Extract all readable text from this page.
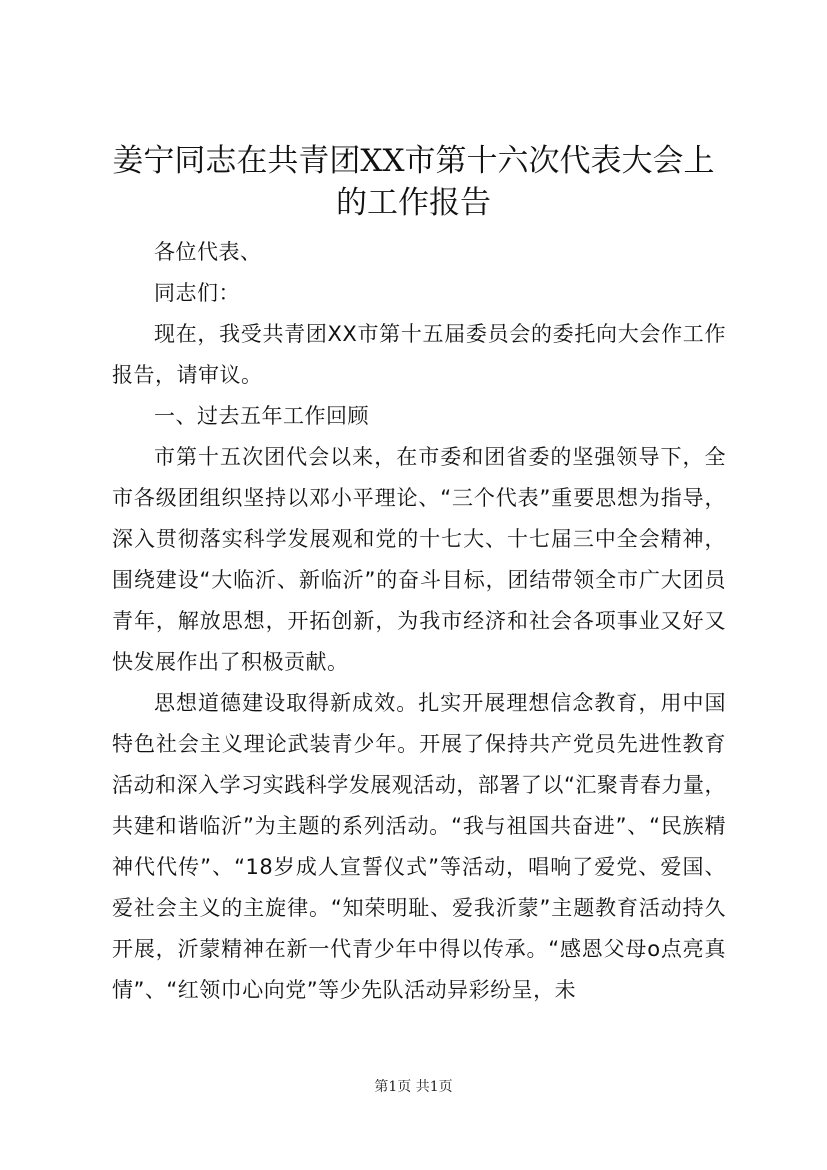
姜宁同志在共青团XX市第十六次代表大会上
的工作报告

各位代表、

同志们：

现在，我受共青团XX市第十五届委员会的委托向大会作工作报告，请审议。

一、过去五年工作回顾

市第十五次团代会以来，在市委和团省委的坚强领导下，全市各级团组织坚持以邓小平理论、“三个代表”重要思想为指导，深入贯彻落实科学发展观和党的十七大、十七届三中全会精神，围绕建设“大临沂、新临沂”的奋斗目标，团结带领全市广大团员青年，解放思想，开拓创新，为我市经济和社会各项事业又好又快发展作出了积极贡献。

思想道德建设取得新成效。扎实开展理想信念教育，用中国特色社会主义理论武装青少年。开展了保持共产党员先进性教育活动和深入学习实践科学发展观活动，部署了以“汇聚青春力量，共建和谐临沂”为主题的系列活动。“我与祖国共奋进”、“民族精神代代传”、“18岁成人宣誓仪式”等活动，唱响了爱党、爱国、爱社会主义的主旋律。“知荣明耻、爱我沂蒙”主题教育活动持久开展，沂蒙精神在新一代青少年中得以传承。“感恩父母o点亮真情”、“红领巾心向党”等少先队活动异彩纷呈，未

第1页 共1页
